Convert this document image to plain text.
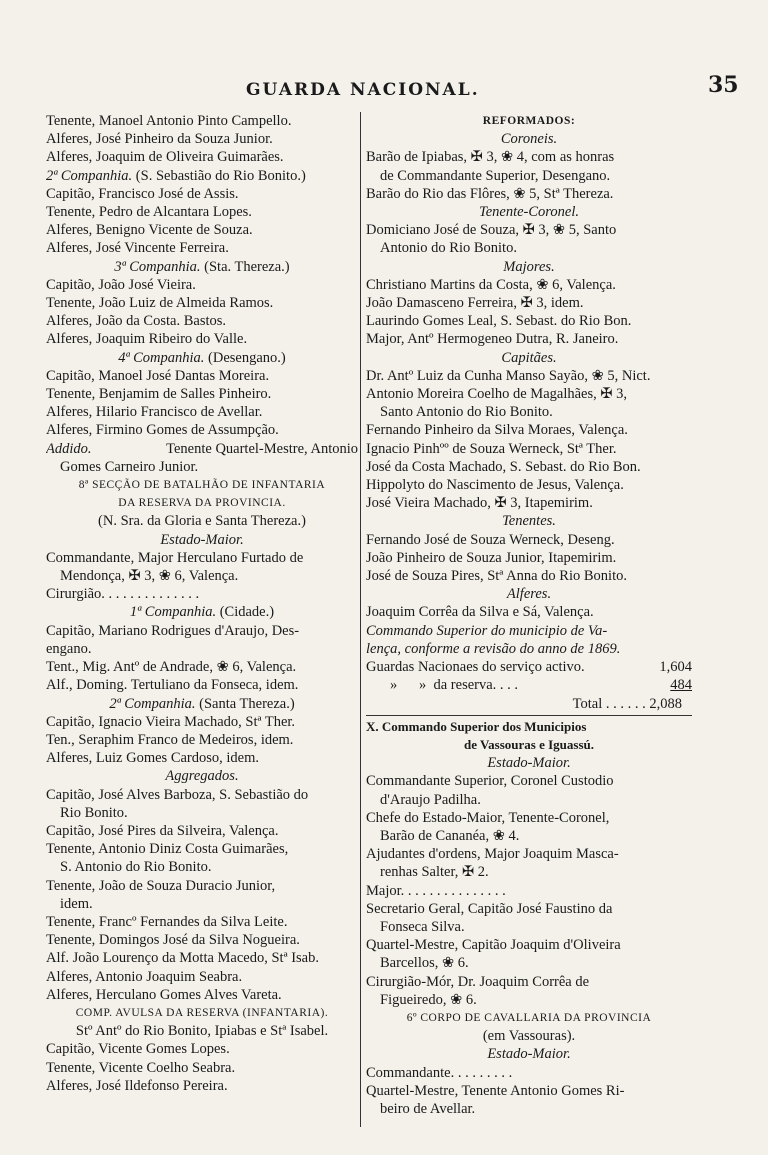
GUARDA NACIONAL.	35
Tenente, Manoel Antonio Pinto Campello.
Alferes, José Pinheiro da Souza Junior.
Alferes, Joaquim de Oliveira Guimarães.
2ª Companhia. (S. Sebastião do Rio Bonito.)
Capitão, Francisco José de Assis.
Tenente, Pedro de Alcantara Lopes.
Alferes, Benigno Vicente de Souza.
Alferes, José Vincente Ferreira.
3ª Companhia. (Sta. Thereza.)
Capitão, João José Vieira.
Tenente, João Luiz de Almeida Ramos.
Alferes, João da Costa. Bastos.
Alferes, Joaquim Ribeiro do Valle.
4ª Companhia. (Desengano.)
Capitão, Manoel José Dantas Moreira.
Tenente, Benjamim de Salles Pinheiro.
Alferes, Hilario Francisco de Avellar.
Alferes, Firmino Gomes de Assumpção.
Addido.	Tenente Quartel-Mestre, Antonio
Gomes Carneiro Junior.
8ª SECÇÃO DE BATALHÃO DE INFANTARIA
DA RESERVA DA PROVINCIA.
(N. Sra. da Gloria e Santa Thereza.)
Estado-Maior.
Commandante, Major Herculano Furtado de
Mendonça, ✠ 3, ❀ 6, Valença.
Cirurgião. . . . . . . . . . . . . .
1ª Companhia. (Cidade.)
Capitão, Mariano Rodrigues d'Araujo, Des-
engano.
Tent., Mig. Antº de Andrade, ❀ 6, Valença.
Alf., Doming. Tertuliano da Fonseca, idem.
2ª Companhia. (Santa Thereza.)
Capitão, Ignacio Vieira Machado, Stª Ther.
Ten., Seraphim Franco de Medeiros, idem.
Alferes, Luiz Gomes Cardoso, idem.
Aggregados.
Capitão, José Alves Barboza, S. Sebastião do
Rio Bonito.
Capitão, José Pires da Silveira, Valença.
Tenente, Antonio Diniz Costa Guimarães,
S. Antonio do Rio Bonito.
Tenente, João de Souza Duracio Junior,
idem.
Tenente, Francº Fernandes da Silva Leite.
Tenente, Domingos José da Silva Nogueira.
Alf. João Lourenço da Motta Macedo, Stª Isab.
Alferes, Antonio Joaquim Seabra.
Alferes, Herculano Gomes Alves Vareta.
COMP. AVULSA DA RESERVA (INFANTARIA).
Stº Antº do Rio Bonito, Ipiabas e Stª Isabel.
Capitão, Vicente Gomes Lopes.
Tenente, Vicente Coelho Seabra.
Alferes, José Ildefonso Pereira.
REFORMADOS:
Coroneis.
Barão de Ipiabas, ✠ 3, ❀ 4, com as honras
de Commandante Superior, Desengano.
Barão do Rio das Flôres, ❀ 5, Stª Thereza.
Tenente-Coronel.
Domiciano José de Souza, ✠ 3, ❀ 5, Santo
Antonio do Rio Bonito.
Majores.
Christiano Martins da Costa, ❀ 6, Valença.
João Damasceno Ferreira, ✠ 3, idem.
Laurindo Gomes Leal, S. Sebast. do Rio Bon.
Major, Antº Hermogeneo Dutra, R. Janeiro.
Capitães.
Dr. Antº Luiz da Cunha Manso Sayão, ❀ 5, Nict.
Antonio Moreira Coelho de Magalhães, ✠ 3,
Santo Antonio do Rio Bonito.
Fernando Pinheiro da Silva Moraes, Valença.
Ignacio Pinhºº de Souza Werneck, Stª Ther.
José da Costa Machado, S. Sebast. do Rio Bon.
Hippolyto do Nascimento de Jesus, Valença.
José Vieira Machado, ✠ 3, Itapemirim.
Tenentes.
Fernando José de Souza Werneck, Deseng.
João Pinheiro de Souza Junior, Itapemirim.
José de Souza Pires, Stª Anna do Rio Bonito.
Alferes.
Joaquim Corrêa da Silva e Sá, Valença.
Commando Superior do municipio de Va-
lença, conforme a revisão do anno de 1869.
Guardas Nacionaes do serviço activo.	1,604
» » da reserva. . . .	484
Total . . . . . . 2,088
X. Commando Superior dos Municipios
de Vassouras e Iguassú.
Estado-Maior.
Commandante Superior, Coronel Custodio
d'Araujo Padilha.
Chefe do Estado-Maior, Tenente-Coronel,
Barão de Cananéa, ❀ 4.
Ajudantes d'ordens, Major Joaquim Masca-
renhas Salter, ✠ 2.
Major. . . . . . . . . . . . . . .
Secretario Geral, Capitão José Faustino da
Fonseca Silva.
Quartel-Mestre, Capitão Joaquim d'Oliveira
Barcellos, ❀ 6.
Cirurgião-Mór, Dr. Joaquim Corrêa de
Figueiredo, ❀ 6.
6º CORPO DE CAVALLARIA DA PROVINCIA
(em Vassouras).
Estado-Maior.
Commandante. . . . . . . . .
Quartel-Mestre, Tenente Antonio Gomes Ri-
beiro de Avellar.
